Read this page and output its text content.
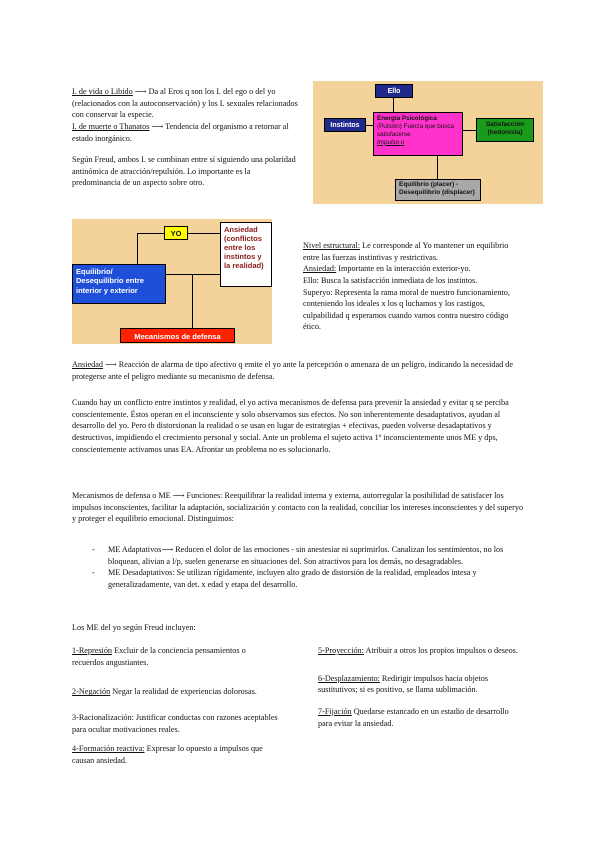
I. de vida o Libido ⟶ Da al Eros q son los I. del ego o del yo (relacionados con la autoconservación) y los I. sexuales relacionados con conservar la especie.

I. de muerte o Thanatos ⟶ Tendencia del organismo a retornar al estado inorgánico.

Según Freud, ambos I. se combinan entre sí siguiendo una polaridad antinómica de atracción/repulsión. Lo importante es la predominancia de un aspecto sobre otro.

Ello
Instintos
Energía Psicológica
(Pulsión) Fuerza que busca satisfacerse
Impulso o
Satisfacción (hedonista)
Equilibrio (placer) - Desequilibrio (displacer)
YO	Ansiedad (conflictos entre los instintos y la realidad)
Equilibrio/ Desequilibrio entre interior y exterior
Mecanismos de defensa

Nivel estructural: Le corresponde al Yo mantener un equilibrio entre las fuerzas instintivas y restrictivas.

Ansiedad: Importante en la interacción exterior-yo.

Ello: Busca la satisfacción inmediata de los instintos.

Superyo: Representa la rama moral de nuestro funcionamiento, conteniendo los ideales x los q luchamos y los castigos, culpabilidad q esperamos cuando vamos contra nuestro código ético.

Ansiedad ⟶ Reacción de alarma de tipo afectivo q emite el yo ante la percepción o amenaza de un peligro, indicando la necesidad de protegerse ante el peligro mediante su mecanismo de defensa.

Cuando hay un conflicto entre instintos y realidad, el yo activa mecanismos de defensa para prevenir la ansiedad y evitar q se perciba conscientemente. Éstos operan en el inconsciente y solo observamos sus efectos. No son inherentemente desadaptativos, ayudan al desarrollo del yo. Pero tb distorsionan la realidad o se usan en lugar de estrategias + efectivas, pueden volverse desadaptativos y destructivos, impidiendo el crecimiento personal y social. Ante un problema el sujeto activa 1º inconscientemente unos ME y dps, conscientemente activamos unas EA. Afrontar un problema no es solucionarlo.

Mecanismos de defensa o ME ⟶ Funciones: Reequilibrar la realidad interna y externa, autorregular la posibilidad de satisfacer los impulsos inconscientes, facilitar la adaptación, socialización y contacto con la realidad, conciliar los intereses inconscientes y del superyo y proteger el equilibrio emocional. Distinguimos:

- ME Adaptativos⟶ Reducen el dolor de las emociones - sin anestesiar ni suprimirlos. Canalizan los sentimientos, no los bloquean, alivian a l/p, suelen generarse en situaciones del. Son atractivos para los demás, no desagradables.
- ME Desadaptativos: Se utilizan rígidamente, incluyen alto grado de distorsión de la realidad, empleados intesa y generalizadamente, van det. x edad y etapa del desarrollo.
Los ME del yo según Freud incluyen:

1-Represión Excluir de la conciencia pensamientos o recuerdos angustiantes.

2-Negación Negar la realidad de experiencias dolorosas.

3-Racionalización: Justificar conductas con razones aceptables para ocultar motivaciones reales.

4-Formación reactiva: Expresar lo opuesto a impulsos que causan ansiedad.

5-Proyección: Atribuir a otros los propios impulsos o deseos.

6-Desplazamiento: Redirigir impulsos hacia objetos sustitutivos; si es positivo, se llama sublimación.

7-Fijación Quedarse estancado en un estadio de desarrollo para evitar la ansiedad.
